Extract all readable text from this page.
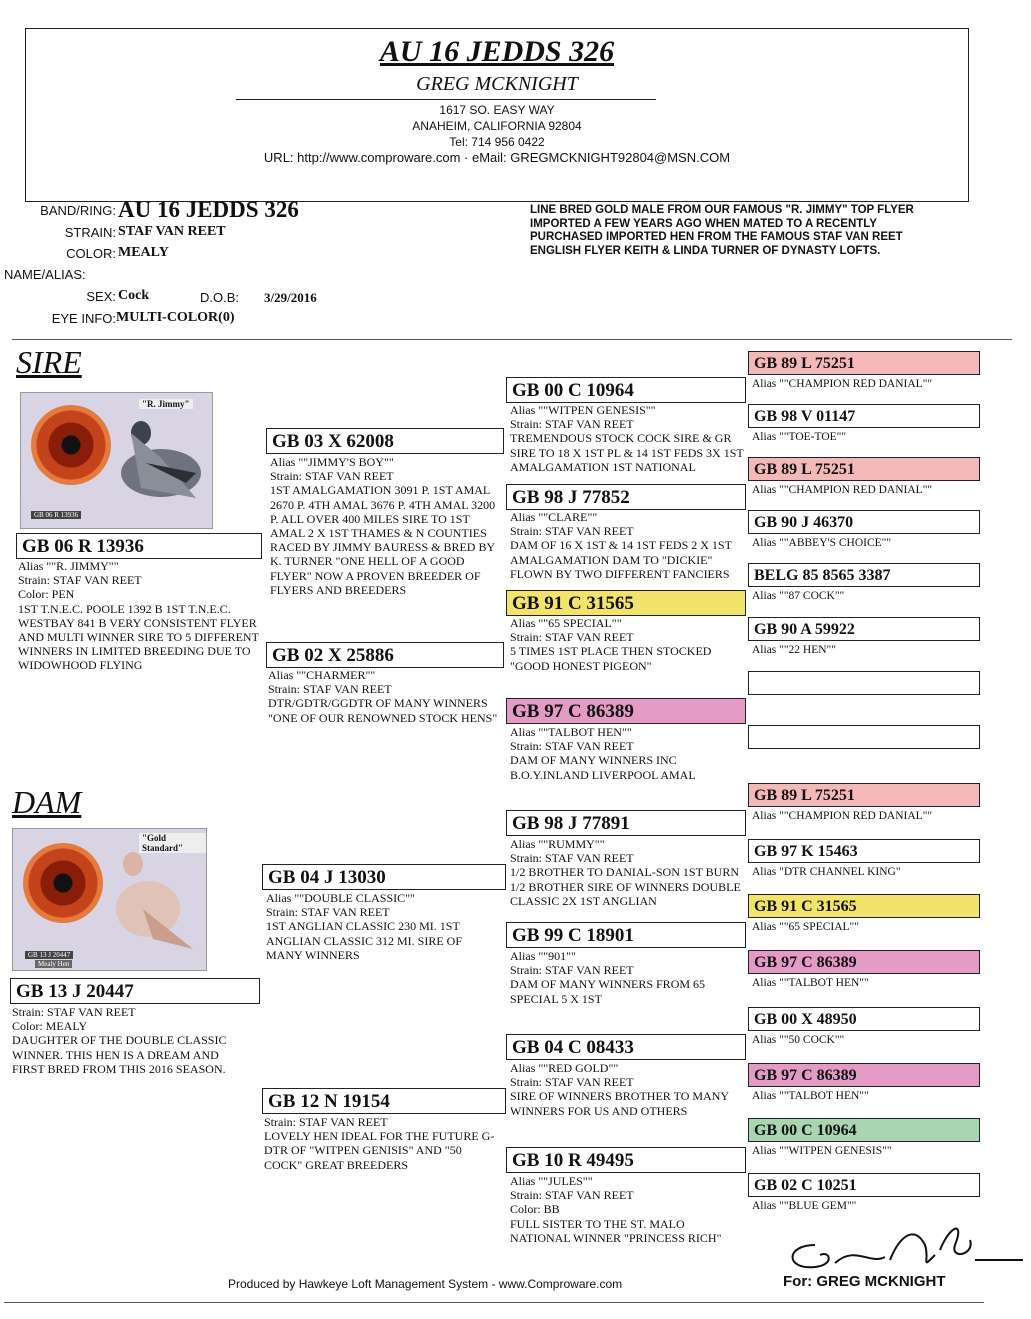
AU 16 JEDDS 326
GREG MCKNIGHT
1617 SO. EASY WAY
ANAHEIM, CALIFORNIA 92804
Tel: 714 956 0422
URL: http://www.comproware.com · eMail: GREGMCKNIGHT92804@MSN.COM
BAND/RING: AU 16 JEDDS 326
STRAIN: STAF VAN REET
COLOR: MEALY
NAME/ALIAS:
SEX: Cock	D.O.B:	3/29/2016
EYE INFO: MULTI-COLOR(0)
LINE BRED GOLD MALE FROM OUR FAMOUS "R. JIMMY" TOP FLYER IMPORTED A FEW YEARS AGO WHEN MATED TO A RECENTLY PURCHASED IMPORTED HEN FROM THE FAMOUS STAF VAN REET ENGLISH FLYER KEITH & LINDA TURNER OF DYNASTY LOFTS.
SIRE
DAM
"R. Jimmy"
GB 06 R 13936
"Gold Standard"
GB 13 J 20447
Mealy Hen
GB 06 R 13936
Alias ""R. JIMMY""
Strain: STAF VAN REET
Color: PEN
1ST T.N.E.C. POOLE 1392 B 1ST T.N.E.C. WESTBAY 841 B VERY CONSISTENT FLYER AND MULTI WINNER SIRE TO 5 DIFFERENT WINNERS IN LIMITED BREEDING DUE TO WIDOWHOOD FLYING
GB 13 J 20447
Strain: STAF VAN REET
Color: MEALY
DAUGHTER OF THE DOUBLE CLASSIC WINNER. THIS HEN IS A DREAM AND FIRST BRED FROM THIS 2016 SEASON.
GB 03 X 62008
Alias ""JIMMY'S BOY""
Strain: STAF VAN REET
1ST AMALGAMATION 3091 P. 1ST AMAL 2670 P. 4TH AMAL 3676 P. 4TH AMAL 3200 P. ALL OVER 400 MILES SIRE TO 1ST AMAL 2 X 1ST THAMES & N COUNTIES RACED BY JIMMY BAURESS & BRED BY K. TURNER "ONE HELL OF A GOOD FLYER" NOW A PROVEN BREEDER OF FLYERS AND BREEDERS
GB 02 X 25886
Alias ""CHARMER""
Strain: STAF VAN REET
DTR/GDTR/GGDTR OF MANY WINNERS "ONE OF OUR RENOWNED STOCK HENS"
GB 04 J 13030
Alias ""DOUBLE CLASSIC""
Strain: STAF VAN REET
1ST ANGLIAN CLASSIC 230 MI. 1ST ANGLIAN CLASSIC 312 MI. SIRE OF MANY WINNERS
GB 12 N 19154
Strain: STAF VAN REET
LOVELY HEN IDEAL FOR THE FUTURE G-DTR OF "WITPEN GENISIS" AND "50 COCK" GREAT BREEDERS
GB 00 C 10964
Alias ""WITPEN GENESIS""
Strain: STAF VAN REET
TREMENDOUS STOCK COCK SIRE & GR SIRE TO 18 X 1ST PL & 14 1ST FEDS 3X 1ST AMALGAMATION 1ST NATIONAL
GB 98 J 77852
Alias ""CLARE""
Strain: STAF VAN REET
DAM OF 16 X 1ST & 14 1ST FEDS 2 X 1ST AMALGAMATION DAM TO "DICKIE" FLOWN BY TWO DIFFERENT FANCIERS
GB 91 C 31565
Alias ""65 SPECIAL""
Strain: STAF VAN REET
5 TIMES 1ST PLACE THEN STOCKED "GOOD HONEST PIGEON"
GB 97 C 86389
Alias ""TALBOT HEN""
Strain: STAF VAN REET
DAM OF MANY WINNERS INC B.O.Y.INLAND LIVERPOOL AMAL
GB 98 J 77891
Alias ""RUMMY""
Strain: STAF VAN REET
1/2 BROTHER TO DANIAL-SON 1ST BURN 1/2 BROTHER SIRE OF WINNERS DOUBLE CLASSIC 2X 1ST ANGLIAN
GB 99 C 18901
Alias ""901""
Strain: STAF VAN REET
DAM OF MANY WINNERS FROM 65 SPECIAL 5 X 1ST
GB 04 C 08433
Alias ""RED GOLD""
Strain: STAF VAN REET
SIRE OF WINNERS BROTHER TO MANY WINNERS FOR US AND OTHERS
GB 10 R 49495
Alias ""JULES""
Strain: STAF VAN REET
Color: BB
FULL SISTER TO THE ST. MALO NATIONAL WINNER "PRINCESS RICH"
GB 89 L 75251
Alias ""CHAMPION RED DANIAL""
GB 98 V 01147
Alias ""TOE-TOE""
GB 89 L 75251
Alias ""CHAMPION RED DANIAL""
GB 90 J 46370
Alias ""ABBEY'S CHOICE""
BELG 85 8565 3387
Alias ""87 COCK""
GB 90 A 59922
Alias ""22 HEN""
GB 89 L 75251
Alias ""CHAMPION RED DANIAL""
GB 97 K 15463
Alias "DTR CHANNEL KING"
GB 91 C 31565
Alias ""65 SPECIAL""
GB 97 C 86389
Alias ""TALBOT HEN""
GB 00 X 48950
Alias ""50 COCK""
GB 97 C 86389
Alias ""TALBOT HEN""
GB 00 C 10964
Alias ""WITPEN GENESIS""
GB 02 C 10251
Alias ""BLUE GEM""
Produced by Hawkeye Loft Management System - www.Comproware.com	For: GREG MCKNIGHT
